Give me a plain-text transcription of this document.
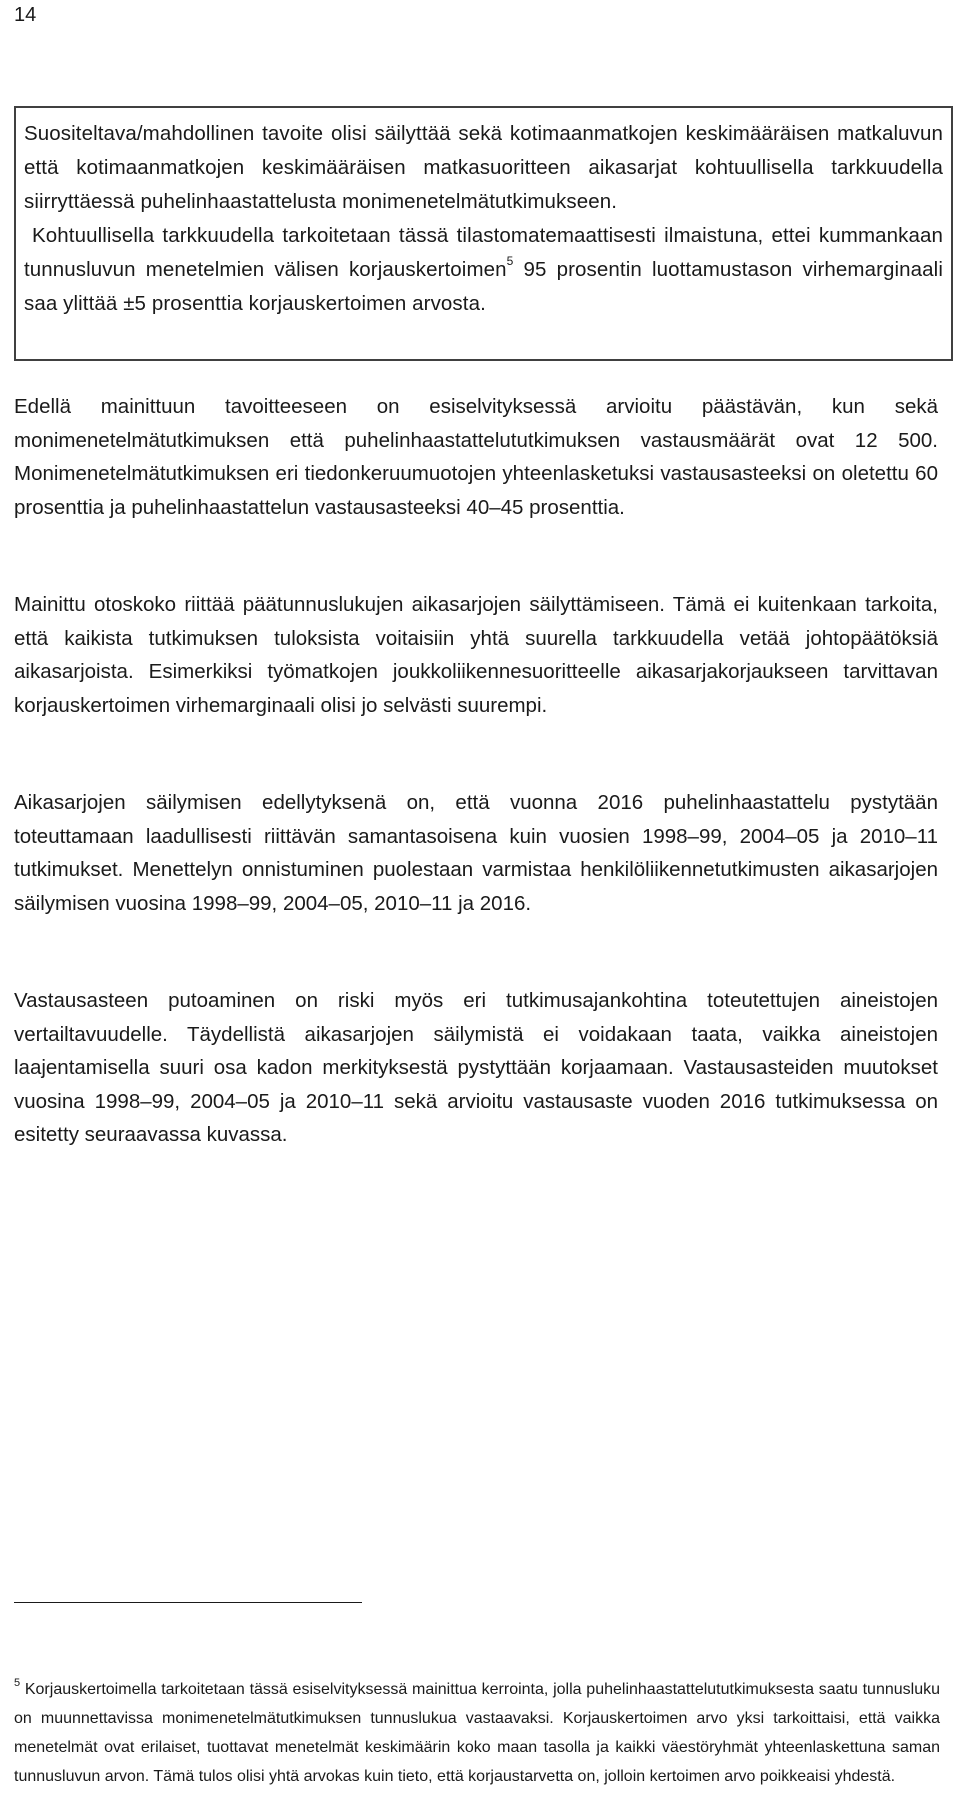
14

Suositeltava/mahdollinen tavoite olisi säilyttää sekä kotimaanmatkojen keskimääräisen matkaluvun että kotimaanmatkojen keskimääräisen matkasuoritteen aikasarjat kohtuullisella tarkkuudella siirryttäessä puhelinhaastattelusta monimenetelmätutkimukseen.

Kohtuullisella tarkkuudella tarkoitetaan tässä tilastomatemaattisesti ilmaistuna, ettei kummankaan tunnusluvun menetelmien välisen korjauskertoimen$^5$ 95 prosentin luottamustason virhemarginaali saa ylittää ±5 prosenttia korjauskertoimen arvosta.

Edellä mainittuun tavoitteeseen on esiselvityksessä arvioitu päästävän, kun sekä monimenetelmätutkimuksen että puhelinhaastattelututkimuksen vastausmäärät ovat 12 500. Monimenetelmätutkimuksen eri tiedonkeruumuotojen yhteenlasketuksi vastausasteeksi on oletettu 60 prosenttia ja puhelinhaastattelun vastausasteeksi 40–45 prosenttia.

Mainittu otoskoko riittää päätunnuslukujen aikasarjojen säilyttämiseen. Tämä ei kuitenkaan tarkoita, että kaikista tutkimuksen tuloksista voitaisiin yhtä suurella tarkkuudella vetää johtopäätöksiä aikasarjoista. Esimerkiksi työmatkojen joukkoliikennesuoritteelle aikasarjakorjaukseen tarvittavan korjauskertoimen virhemarginaali olisi jo selvästi suurempi.

Aikasarjojen säilymisen edellytyksenä on, että vuonna 2016 puhelinhaastattelu pystytään toteuttamaan laadullisesti riittävän samantasoisena kuin vuosien 1998–99, 2004–05 ja 2010–11 tutkimukset. Menettelyn onnistuminen puolestaan varmistaa henkilöliikennetutkimusten aikasarjojen säilymisen vuosina 1998–99, 2004–05, 2010–11 ja 2016.

Vastausasteen putoaminen on riski myös eri tutkimusajankohtina toteutettujen aineistojen vertailtavuudelle. Täydellistä aikasarjojen säilymistä ei voidakaan taata, vaikka aineistojen laajentamisella suuri osa kadon merkityksestä pystyttään korjaamaan. Vastausasteiden muutokset vuosina 1998–99, 2004–05 ja 2010–11 sekä arvioitu vastausaste vuoden 2016 tutkimuksessa on esitetty seuraavassa kuvassa.

$^5$ Korjauskertoimella tarkoitetaan tässä esiselvityksessä mainittua kerrointa, jolla puhelinhaastattelututkimuksesta saatu tunnusluku on muunnettavissa monimenetelmätutkimuksen tunnuslukua vastaavaksi. Korjauskertoimen arvo yksi tarkoittaisi, että vaikka menetelmät ovat erilaiset, tuottavat menetelmät keskimäärin koko maan tasolla ja kaikki väestöryhmät yhteenlaskettuna saman tunnusluvun arvon. Tämä tulos olisi yhtä arvokas kuin tieto, että korjaustarvetta on, jolloin kertoimen arvo poikkeaisi yhdestä.
